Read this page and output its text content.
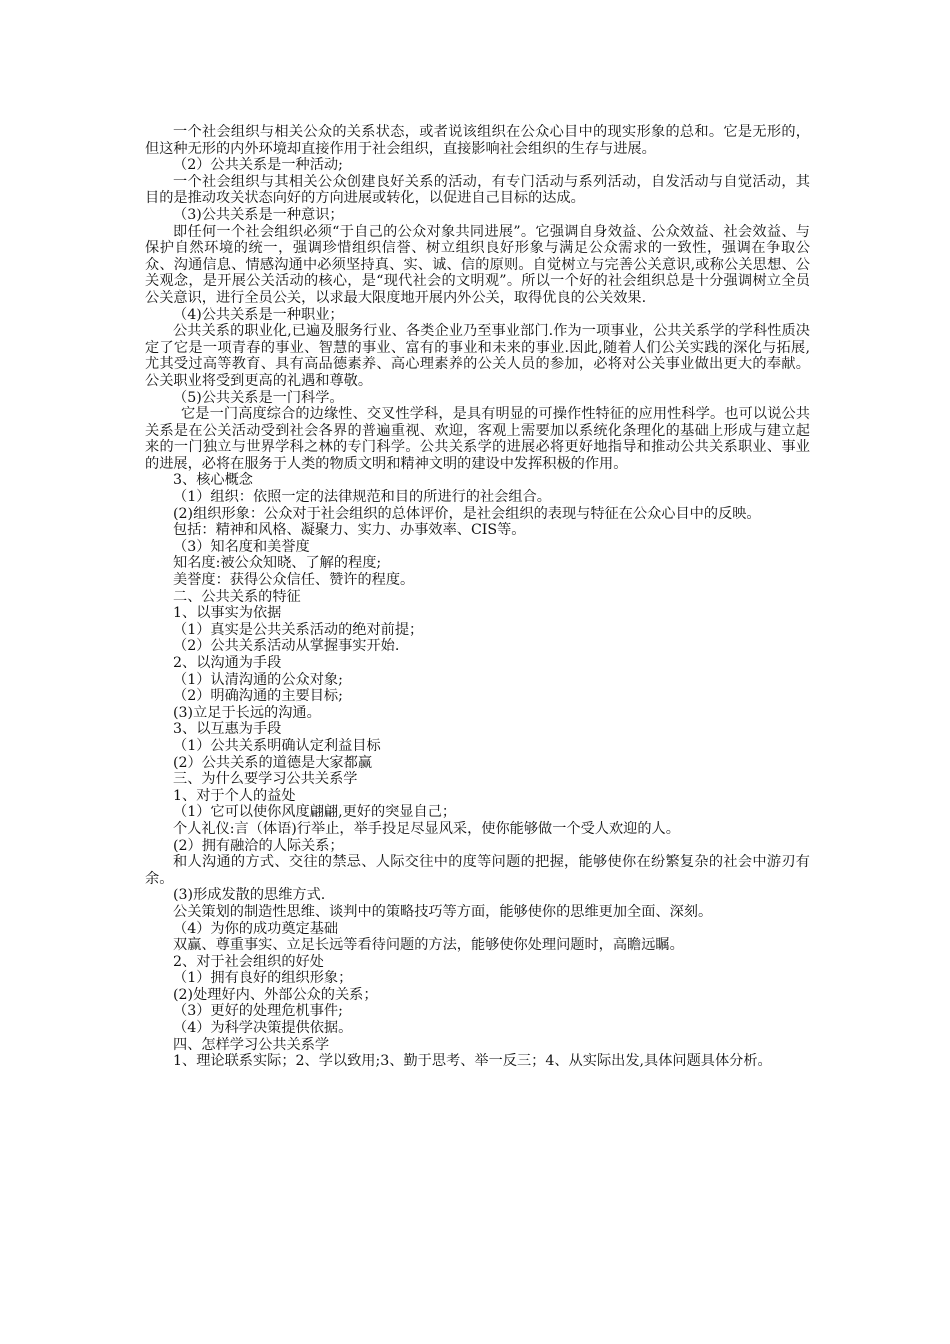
一个社会组织与相关公众的关系状态，或者说该组织在公众心目中的现实形象的总和。它是无形的，但这种无形的内外环境却直接作用于社会组织，直接影响社会组织的生存与进展。

（2）公共关系是一种活动;

一个社会组织与其相关公众创建良好关系的活动，有专门活动与系列活动，自发活动与自觉活动，其目的是推动攻关状态向好的方向进展或转化，以促进自己目标的达成。

（3)公共关系是一种意识；

即任何一个社会组织必须“于自己的公众对象共同进展”。它强调自身效益、公众效益、社会效益、与保护自然环境的统一，强调珍惜组织信誉、树立组织良好形象与满足公众需求的一致性，强调在争取公众、沟通信息、情感沟通中必须坚持真、实、诚、信的原则。自觉树立与完善公关意识,或称公关思想、公关观念，是开展公关活动的核心，是“现代社会的文明观”。所以一个好的社会组织总是十分强调树立全员公关意识，进行全员公关，以求最大限度地开展内外公关，取得优良的公关效果.

（4)公共关系是一种职业；

公共关系的职业化,已遍及服务行业、各类企业乃至事业部门.作为一项事业，公共关系学的学科性质决定了它是一项青春的事业、智慧的事业、富有的事业和未来的事业.因此,随着人们公关实践的深化与拓展,尤其受过高等教育、具有高品德素养、高心理素养的公关人员的参加，必将对公关事业做出更大的奉献。公关职业将受到更高的礼遇和尊敬。

（5)公共关系是一门科学。

它是一门高度综合的边缘性、交叉性学科，是具有明显的可操作性特征的应用性科学。也可以说公共关系是在公关活动受到社会各界的普遍重视、欢迎，客观上需要加以系统化条理化的基础上形成与建立起来的一门独立与世界学科之林的专门科学。公共关系学的进展必将更好地指导和推动公共关系职业、事业的进展，必将在服务于人类的物质文明和精神文明的建设中发挥积极的作用。

3、核心概念

（1）组织：依照一定的法律规范和目的所进行的社会组合。

(2)组织形象：公众对于社会组织的总体评价，是社会组织的表现与特征在公众心目中的反映。

包括：精神和风格、凝聚力、实力、办事效率、CIS等。

（3）知名度和美誉度

知名度:被公众知晓、了解的程度;

美誉度：获得公众信任、赞许的程度。

二、公共关系的特征

1、以事实为依据

（1）真实是公共关系活动的绝对前提；

（2）公共关系活动从掌握事实开始.

2、以沟通为手段

（1）认清沟通的公众对象;

（2）明确沟通的主要目标;

(3)立足于长远的沟通。

3、以互惠为手段

（1）公共关系明确认定利益目标

(2）公共关系的道德是大家都赢

三、为什么要学习公共关系学

1、对于个人的益处

（1）它可以使你风度翩翩,更好的突显自己；

个人礼仪:言（体语)行举止，举手投足尽显风采，使你能够做一个受人欢迎的人。

(2）拥有融洽的人际关系；

和人沟通的方式、交往的禁忌、人际交往中的度等问题的把握，能够使你在纷繁复杂的社会中游刃有余。

(3)形成发散的思维方式.

公关策划的制造性思维、谈判中的策略技巧等方面，能够使你的思维更加全面、深刻。

（4）为你的成功奠定基础

双赢、尊重事实、立足长远等看待问题的方法，能够使你处理问题时，高瞻远瞩。

2、对于社会组织的好处

（1）拥有良好的组织形象；

(2)处理好内、外部公众的关系；

（3）更好的处理危机事件;

（4）为科学决策提供依据。

四、怎样学习公共关系学

1、理论联系实际；2、学以致用;3、勤于思考、举一反三；4、从实际出发,具体问题具体分析。
